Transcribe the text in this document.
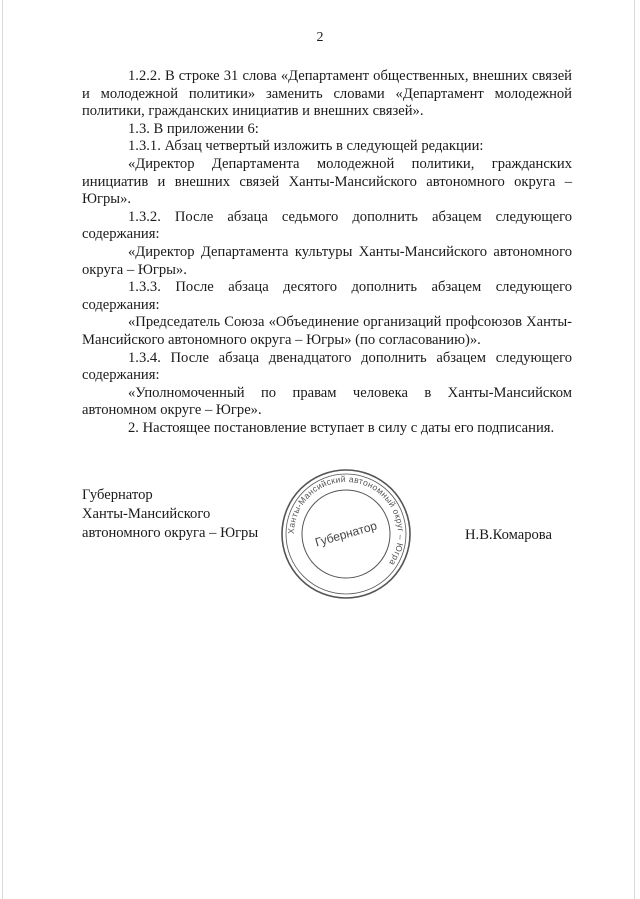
2

1.2.2. В строке 31 слова «Департамент общественных, внешних связей и молодежной политики» заменить словами «Департамент молодежной политики, гражданских инициатив и внешних связей».

1.3. В приложении 6:

1.3.1. Абзац четвертый изложить в следующей редакции:

«Директор Департамента молодежной политики, гражданских инициатив и внешних связей Ханты-Мансийского автономного округа – Югры».

1.3.2. После абзаца седьмого дополнить абзацем следующего содержания:

«Директор Департамента культуры Ханты-Мансийского автономного округа – Югры».

1.3.3. После абзаца десятого дополнить абзацем следующего содержания:

«Председатель Союза «Объединение организаций профсоюзов Ханты-Мансийского автономного округа – Югры» (по согласованию)».

1.3.4. После абзаца двенадцатого дополнить абзацем следующего содержания:

«Уполномоченный по правам человека в Ханты-Мансийском автономном округе – Югре».

2. Настоящее постановление вступает в силу с даты его подписания.

Губернатор
Ханты-Мансийского
автономного округа – Югры	Ханты-Мансийский автономный округ – Югра
Губернатор	Н.В.Комарова
